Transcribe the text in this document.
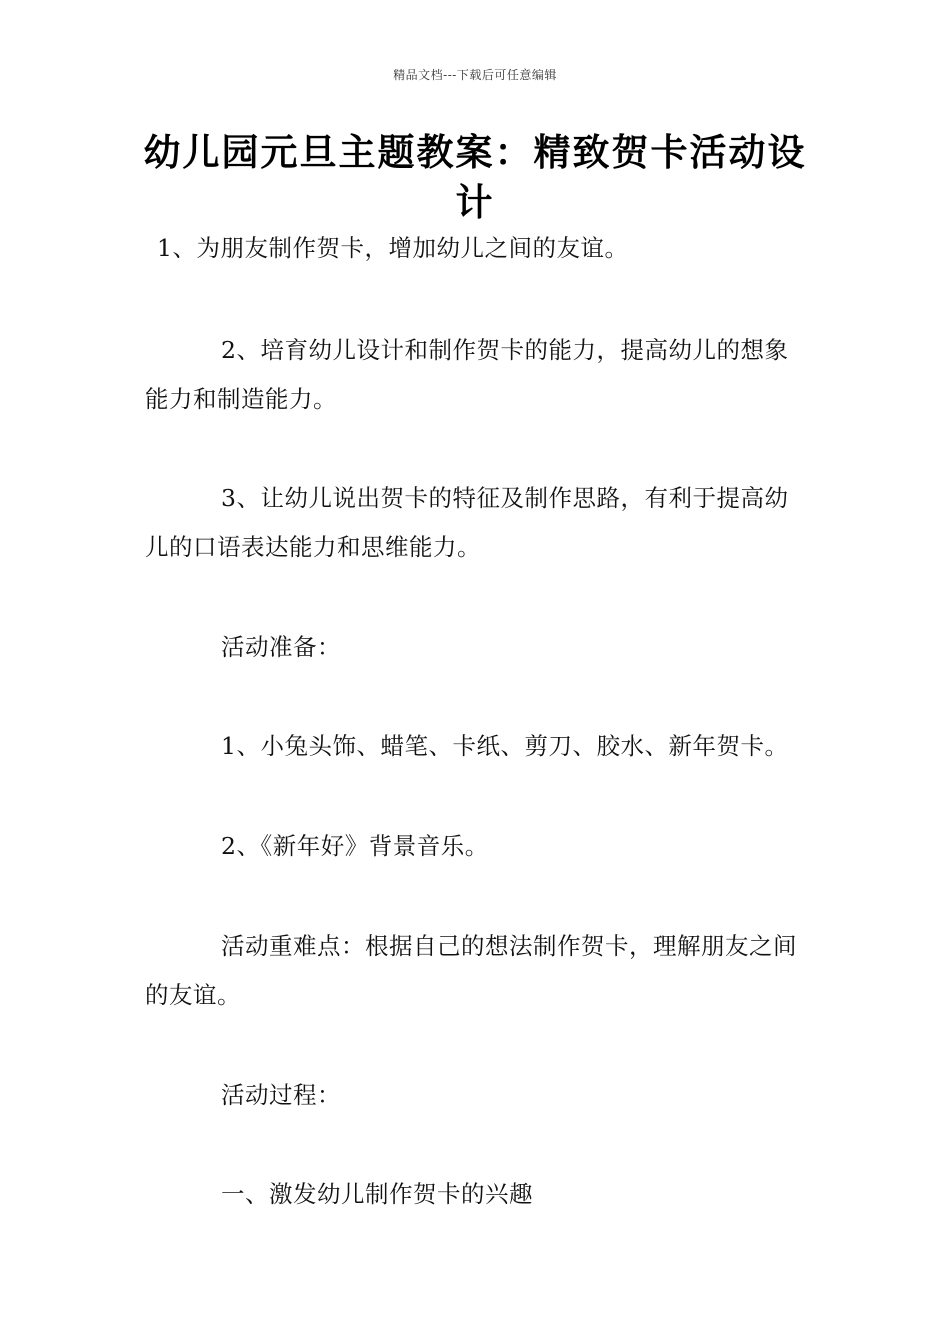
精品文档---下载后可任意编辑
幼儿园元旦主题教案：精致贺卡活动设计

1、为朋友制作贺卡，增加幼儿之间的友谊。

2、培育幼儿设计和制作贺卡的能力，提高幼儿的想象能力和制造能力。

3、让幼儿说出贺卡的特征及制作思路，有利于提高幼儿的口语表达能力和思维能力。

活动准备：

1、小兔头饰、蜡笔、卡纸、剪刀、胶水、新年贺卡。

2、《新年好》背景音乐。

活动重难点：根据自己的想法制作贺卡，理解朋友之间的友谊。

活动过程：

一、激发幼儿制作贺卡的兴趣
